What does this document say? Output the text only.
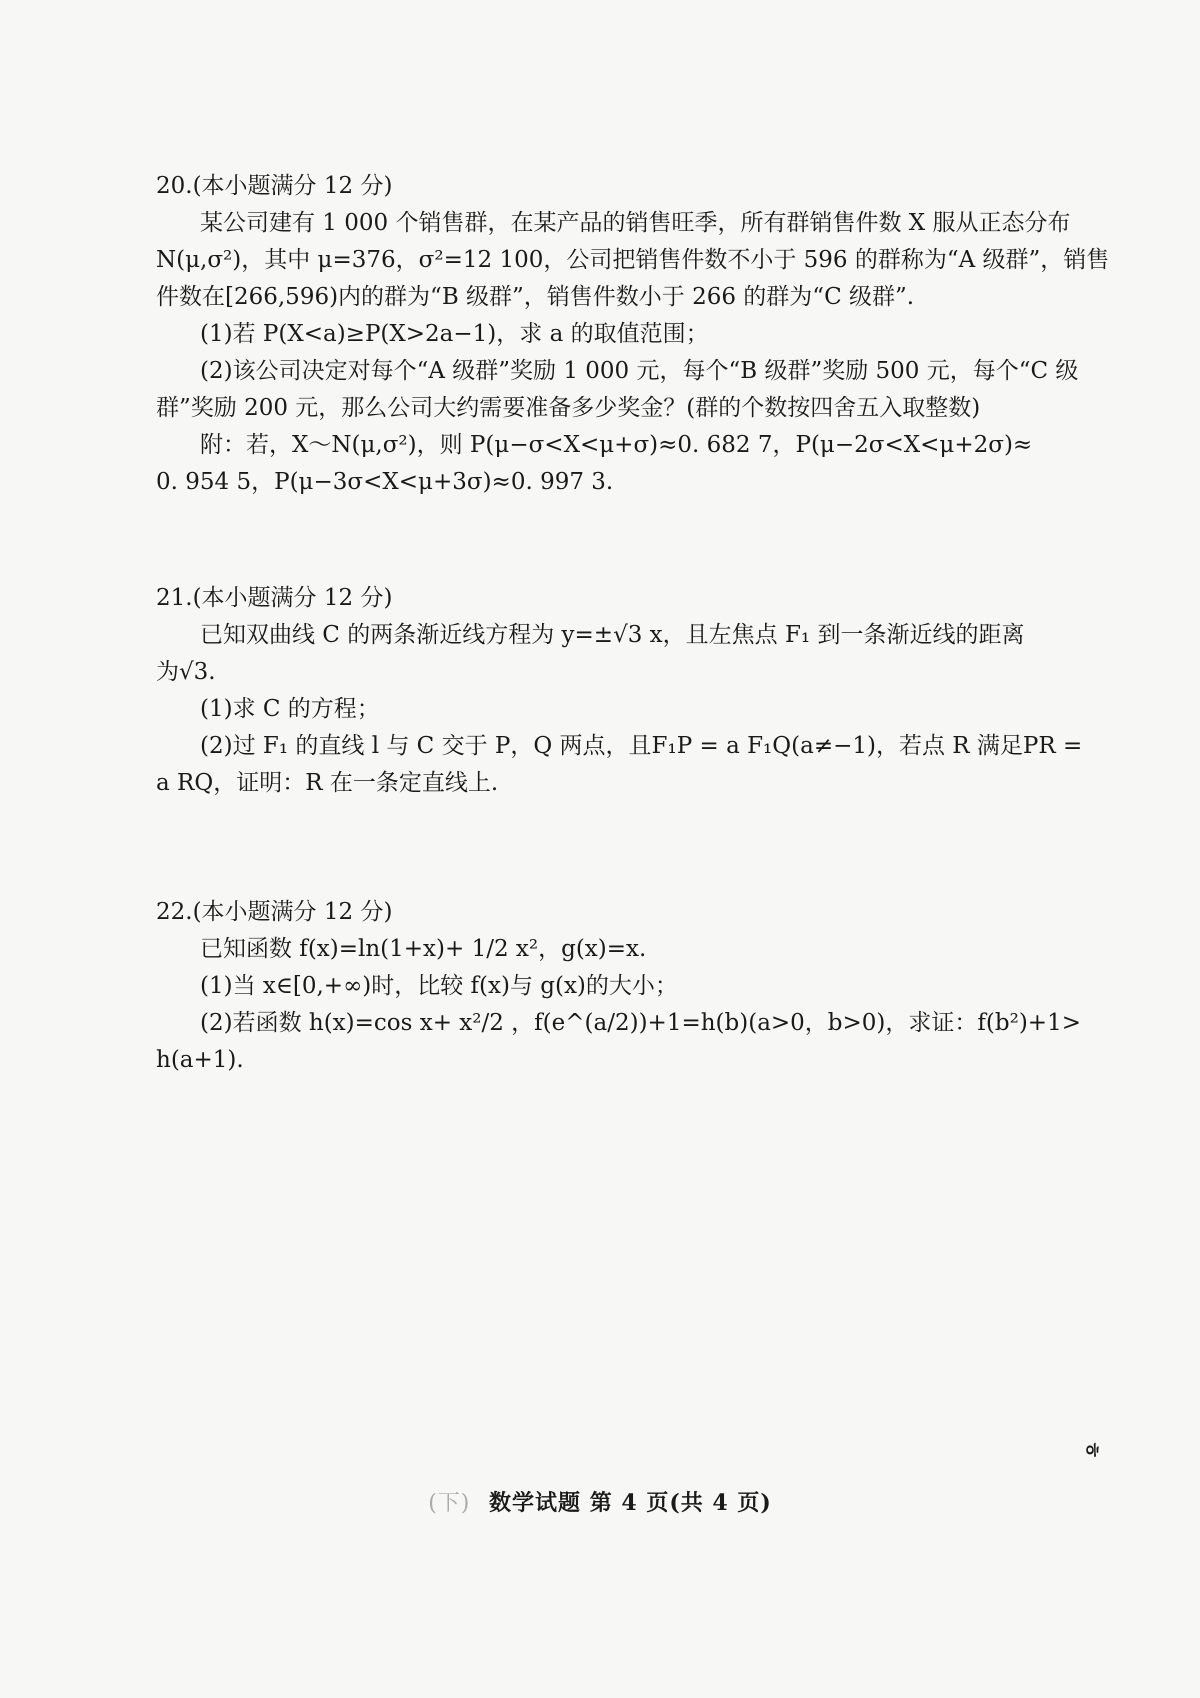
20.(本小题满分 12 分)

某公司建有 1 000 个销售群，在某产品的销售旺季，所有群销售件数 X 服从正态分布

N(μ,σ²)，其中 μ=376，σ²=12 100，公司把销售件数不小于 596 的群称为“A 级群”，销售

件数在[266,596)内的群为“B 级群”，销售件数小于 266 的群为“C 级群”.

(1)若 P(X<a)≥P(X>2a−1)，求 a 的取值范围；

(2)该公司决定对每个“A 级群”奖励 1 000 元，每个“B 级群”奖励 500 元，每个“C 级

群”奖励 200 元，那么公司大约需要准备多少奖金？(群的个数按四舍五入取整数)

附：若，X～N(μ,σ²)，则 P(μ−σ<X<μ+σ)≈0. 682 7，P(μ−2σ<X<μ+2σ)≈

0. 954 5，P(μ−3σ<X<μ+3σ)≈0. 997 3.

21.(本小题满分 12 分)

已知双曲线 C 的两条渐近线方程为 y=±√3 x，且左焦点 F₁ 到一条渐近线的距离

为√3.

(1)求 C 的方程；

(2)过 F₁ 的直线 l 与 C 交于 P，Q 两点，且F₁P = a F₁Q(a≠−1)，若点 R 满足PR =

a RQ，证明：R 在一条定直线上.

22.(本小题满分 12 分)

已知函数 f(x)=ln(1+x)+ 1/2 x²，g(x)=x.

(1)当 x∈[0,+∞)时，比较 f(x)与 g(x)的大小；

(2)若函数 h(x)=cos x+ x²/2 ，f(e^(a/2))+1=h(b)(a>0，b>0)，求证：f(b²)+1>

h(a+1).

(下) 数学试题 第 4 页(共 4 页)
ㅎ
